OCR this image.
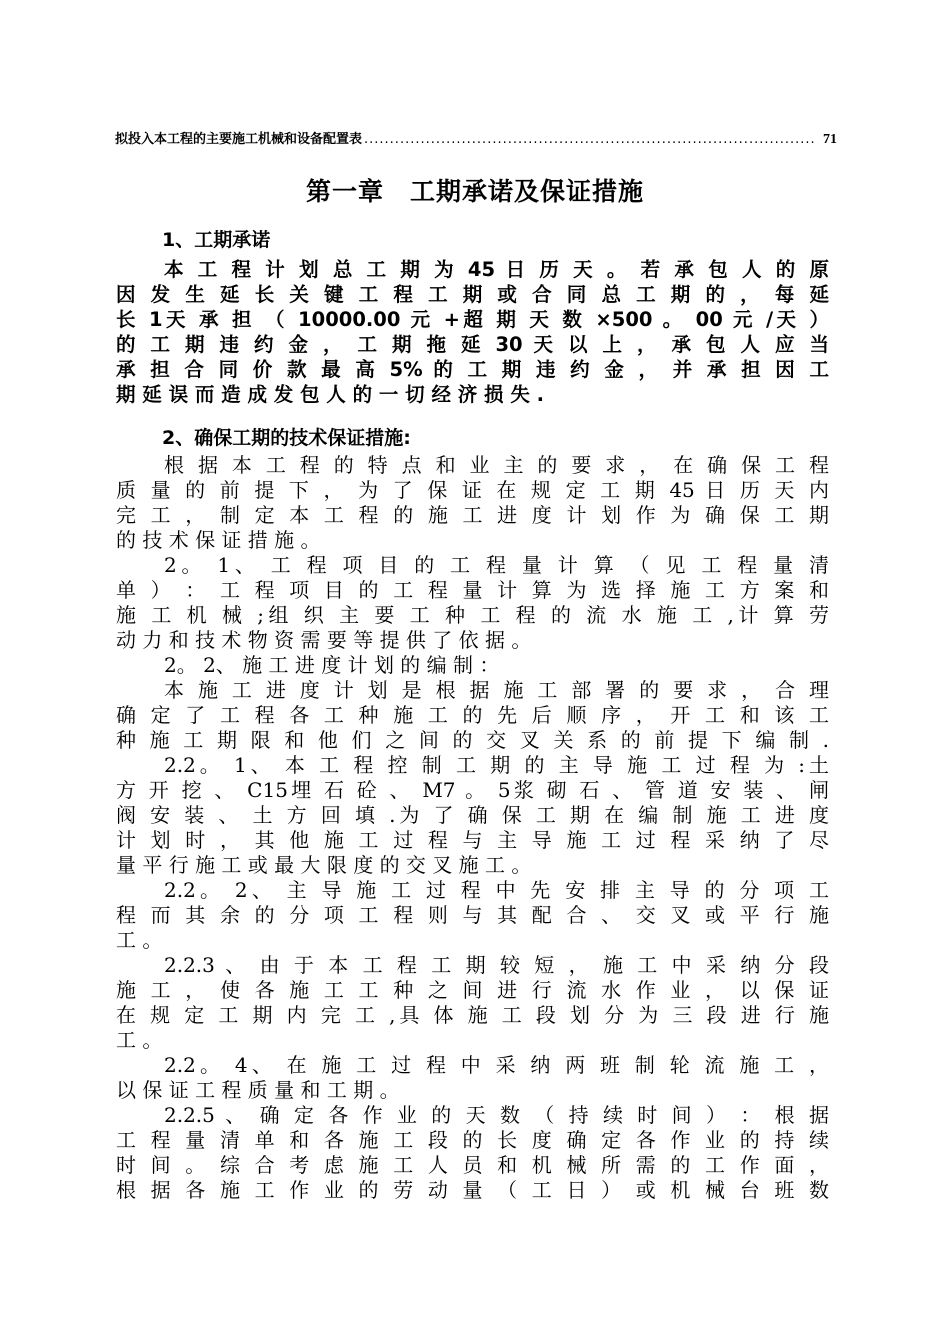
拟投入本工程的主要施工机械和设备配置表
.....	71
第一章　工期承诺及保证措施
1、工期承诺
本 工 程 计 划 总 工 期 为 45 日 历 天 。 若 承 包 人 的 原
因 发 生 延 长 关 键 工 程 工 期 或 合 同 总 工 期 的 ， 每 延
长 1天 承 担 （ 10000.00 元 +超 期 天 数 ×500 。 00 元 /天 ）
的 工 期 违 约 金 ， 工 期 拖 延 30 天 以 上 ， 承 包 人 应 当
承 担 合 同 价 款 最 高 5% 的 工 期 违 约 金 ， 并 承 担 因 工
期 延 误 而 造 成 发 包 人 的 一 切 经 济 损 失 .
2、确保工期的技术保证措施:
根 据 本 工 程 的 特 点 和 业 主 的 要 求 ， 在 确 保 工 程
质 量 的 前 提 下 ， 为 了 保 证 在 规 定 工 期 45 日 历 天 内
完 工 ， 制 定 本 工 程 的 施 工 进 度 计 划 作 为 确 保 工 期
的 技 术 保 证 措 施 。
2。 1、 工 程 项 目 的 工 程 量 计 算 （ 见 工 程 量 清
单 ） ： 工 程 项 目 的 工 程 量 计 算 为 选 择 施 工 方 案 和
施 工 机 械 ;组 织 主 要 工 种 工 程 的 流 水 施 工 ,计 算 劳
动 力 和 技 术 物 资 需 要 等 提 供 了 依 据 。
2。 2、 施 工 进 度 计 划 的 编 制 ：
本 施 工 进 度 计 划 是 根 据 施 工 部 署 的 要 求 ， 合 理
确 定 了 工 程 各 工 种 施 工 的 先 后 顺 序 ， 开 工 和 该 工
种 施 工 期 限 和 他 们 之 间 的 交 叉 关 系 的 前 提 下 编 制 .
2.2。 1、 本 工 程 控 制 工 期 的 主 导 施 工 过 程 为 :土
方 开 挖 、 C15埋 石 砼 、 M7 。 5浆 砌 石 、 管 道 安 装 、 闸
阀 安 装 、 土 方 回 填 .为 了 确 保 工 期 在 编 制 施 工 进 度
计 划 时 ， 其 他 施 工 过 程 与 主 导 施 工 过 程 采 纳 了 尽
量 平 行 施 工 或 最 大 限 度 的 交 叉 施 工 。
2.2。 2、 主 导 施 工 过 程 中 先 安 排 主 导 的 分 项 工
程 而 其 余 的 分 项 工 程 则 与 其 配 合 、 交 叉 或 平 行 施
工 。
2.2.3 、 由 于 本 工 程 工 期 较 短 ， 施 工 中 采 纳 分 段
施 工 ， 使 各 施 工 工 种 之 间 进 行 流 水 作 业 ， 以 保 证
在 规 定 工 期 内 完 工 ,具 体 施 工 段 划 分 为 三 段 进 行 施
工 。
2.2。 4、 在 施 工 过 程 中 采 纳 两 班 制 轮 流 施 工 ，
以 保 证 工 程 质 量 和 工 期 。
2.2.5 、 确 定 各 作 业 的 天 数 （ 持 续 时 间 ） ： 根 据
工 程 量 清 单 和 各 施 工 段 的 长 度 确 定 各 作 业 的 持 续
时 间 。 综 合 考 虑 施 工 人 员 和 机 械 所 需 的 工 作 面 ，
根 据 各 施 工 作 业 的 劳 动 量 （ 工 日 ） 或 机 械 台 班 数
